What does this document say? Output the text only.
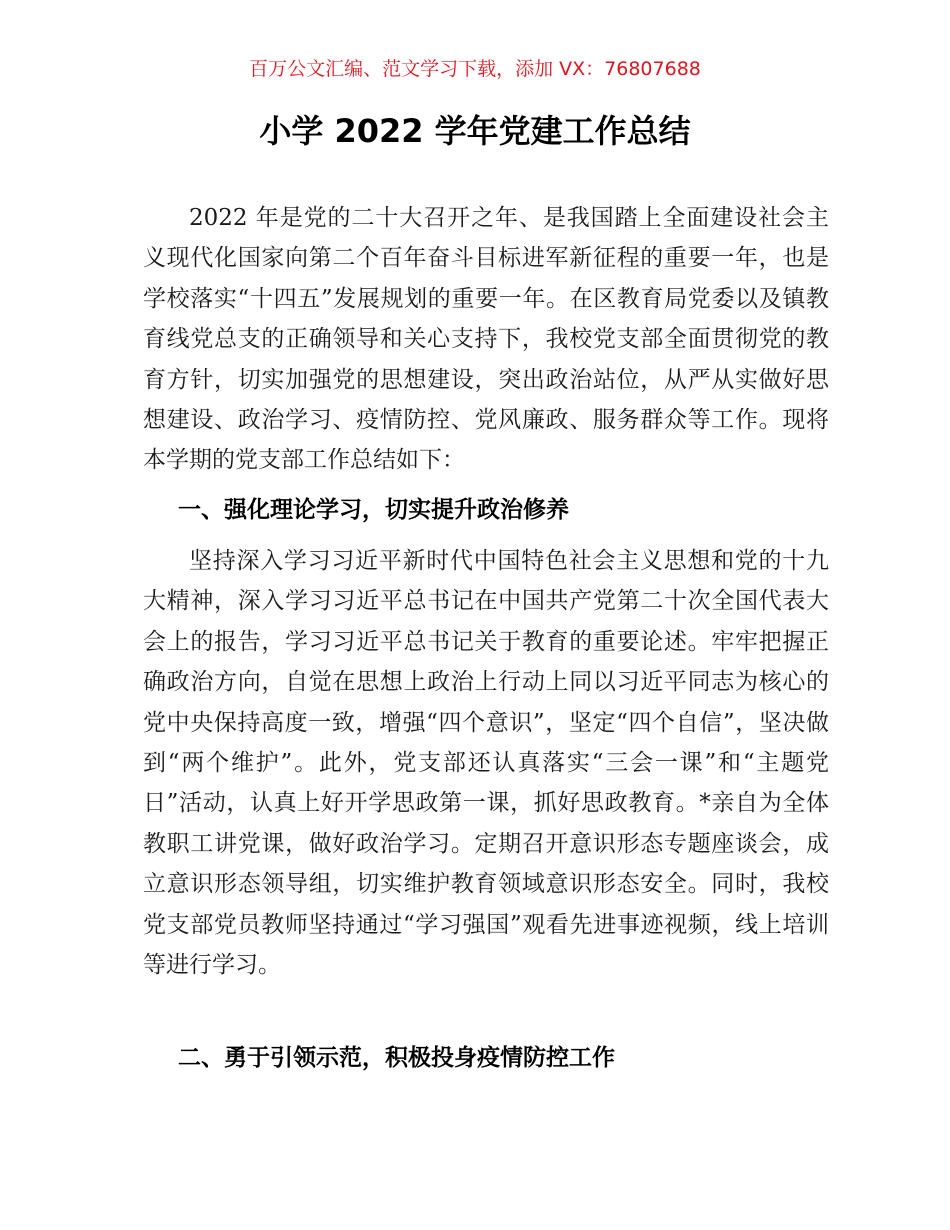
百万公文汇编、范文学习下载，添加 VX：76807688
小学 2022 学年党建工作总结

2022 年是党的二十大召开之年、是我国踏上全面建设社会主义现代化国家向第二个百年奋斗目标进军新征程的重要一年，也是学校落实“十四五”发展规划的重要一年。在区教育局党委以及镇教育线党总支的正确领导和关心支持下，我校党支部全面贯彻党的教育方针，切实加强党的思想建设，突出政治站位，从严从实做好思想建设、政治学习、疫情防控、党风廉政、服务群众等工作。现将本学期的党支部工作总结如下：

一、强化理论学习，切实提升政治修养

坚持深入学习习近平新时代中国特色社会主义思想和党的十九大精神，深入学习习近平总书记在中国共产党第二十次全国代表大会上的报告，学习习近平总书记关于教育的重要论述。牢牢把握正确政治方向，自觉在思想上政治上行动上同以习近平同志为核心的党中央保持高度一致，增强“四个意识”，坚定“四个自信”，坚决做到“两个维护”。此外，党支部还认真落实“三会一课”和“主题党日”活动，认真上好开学思政第一课，抓好思政教育。*亲自为全体教职工讲党课，做好政治学习。定期召开意识形态专题座谈会，成立意识形态领导组，切实维护教育领域意识形态安全。同时，我校党支部党员教师坚持通过“学习强国”观看先进事迹视频，线上培训等进行学习。

二、勇于引领示范，积极投身疫情防控工作
